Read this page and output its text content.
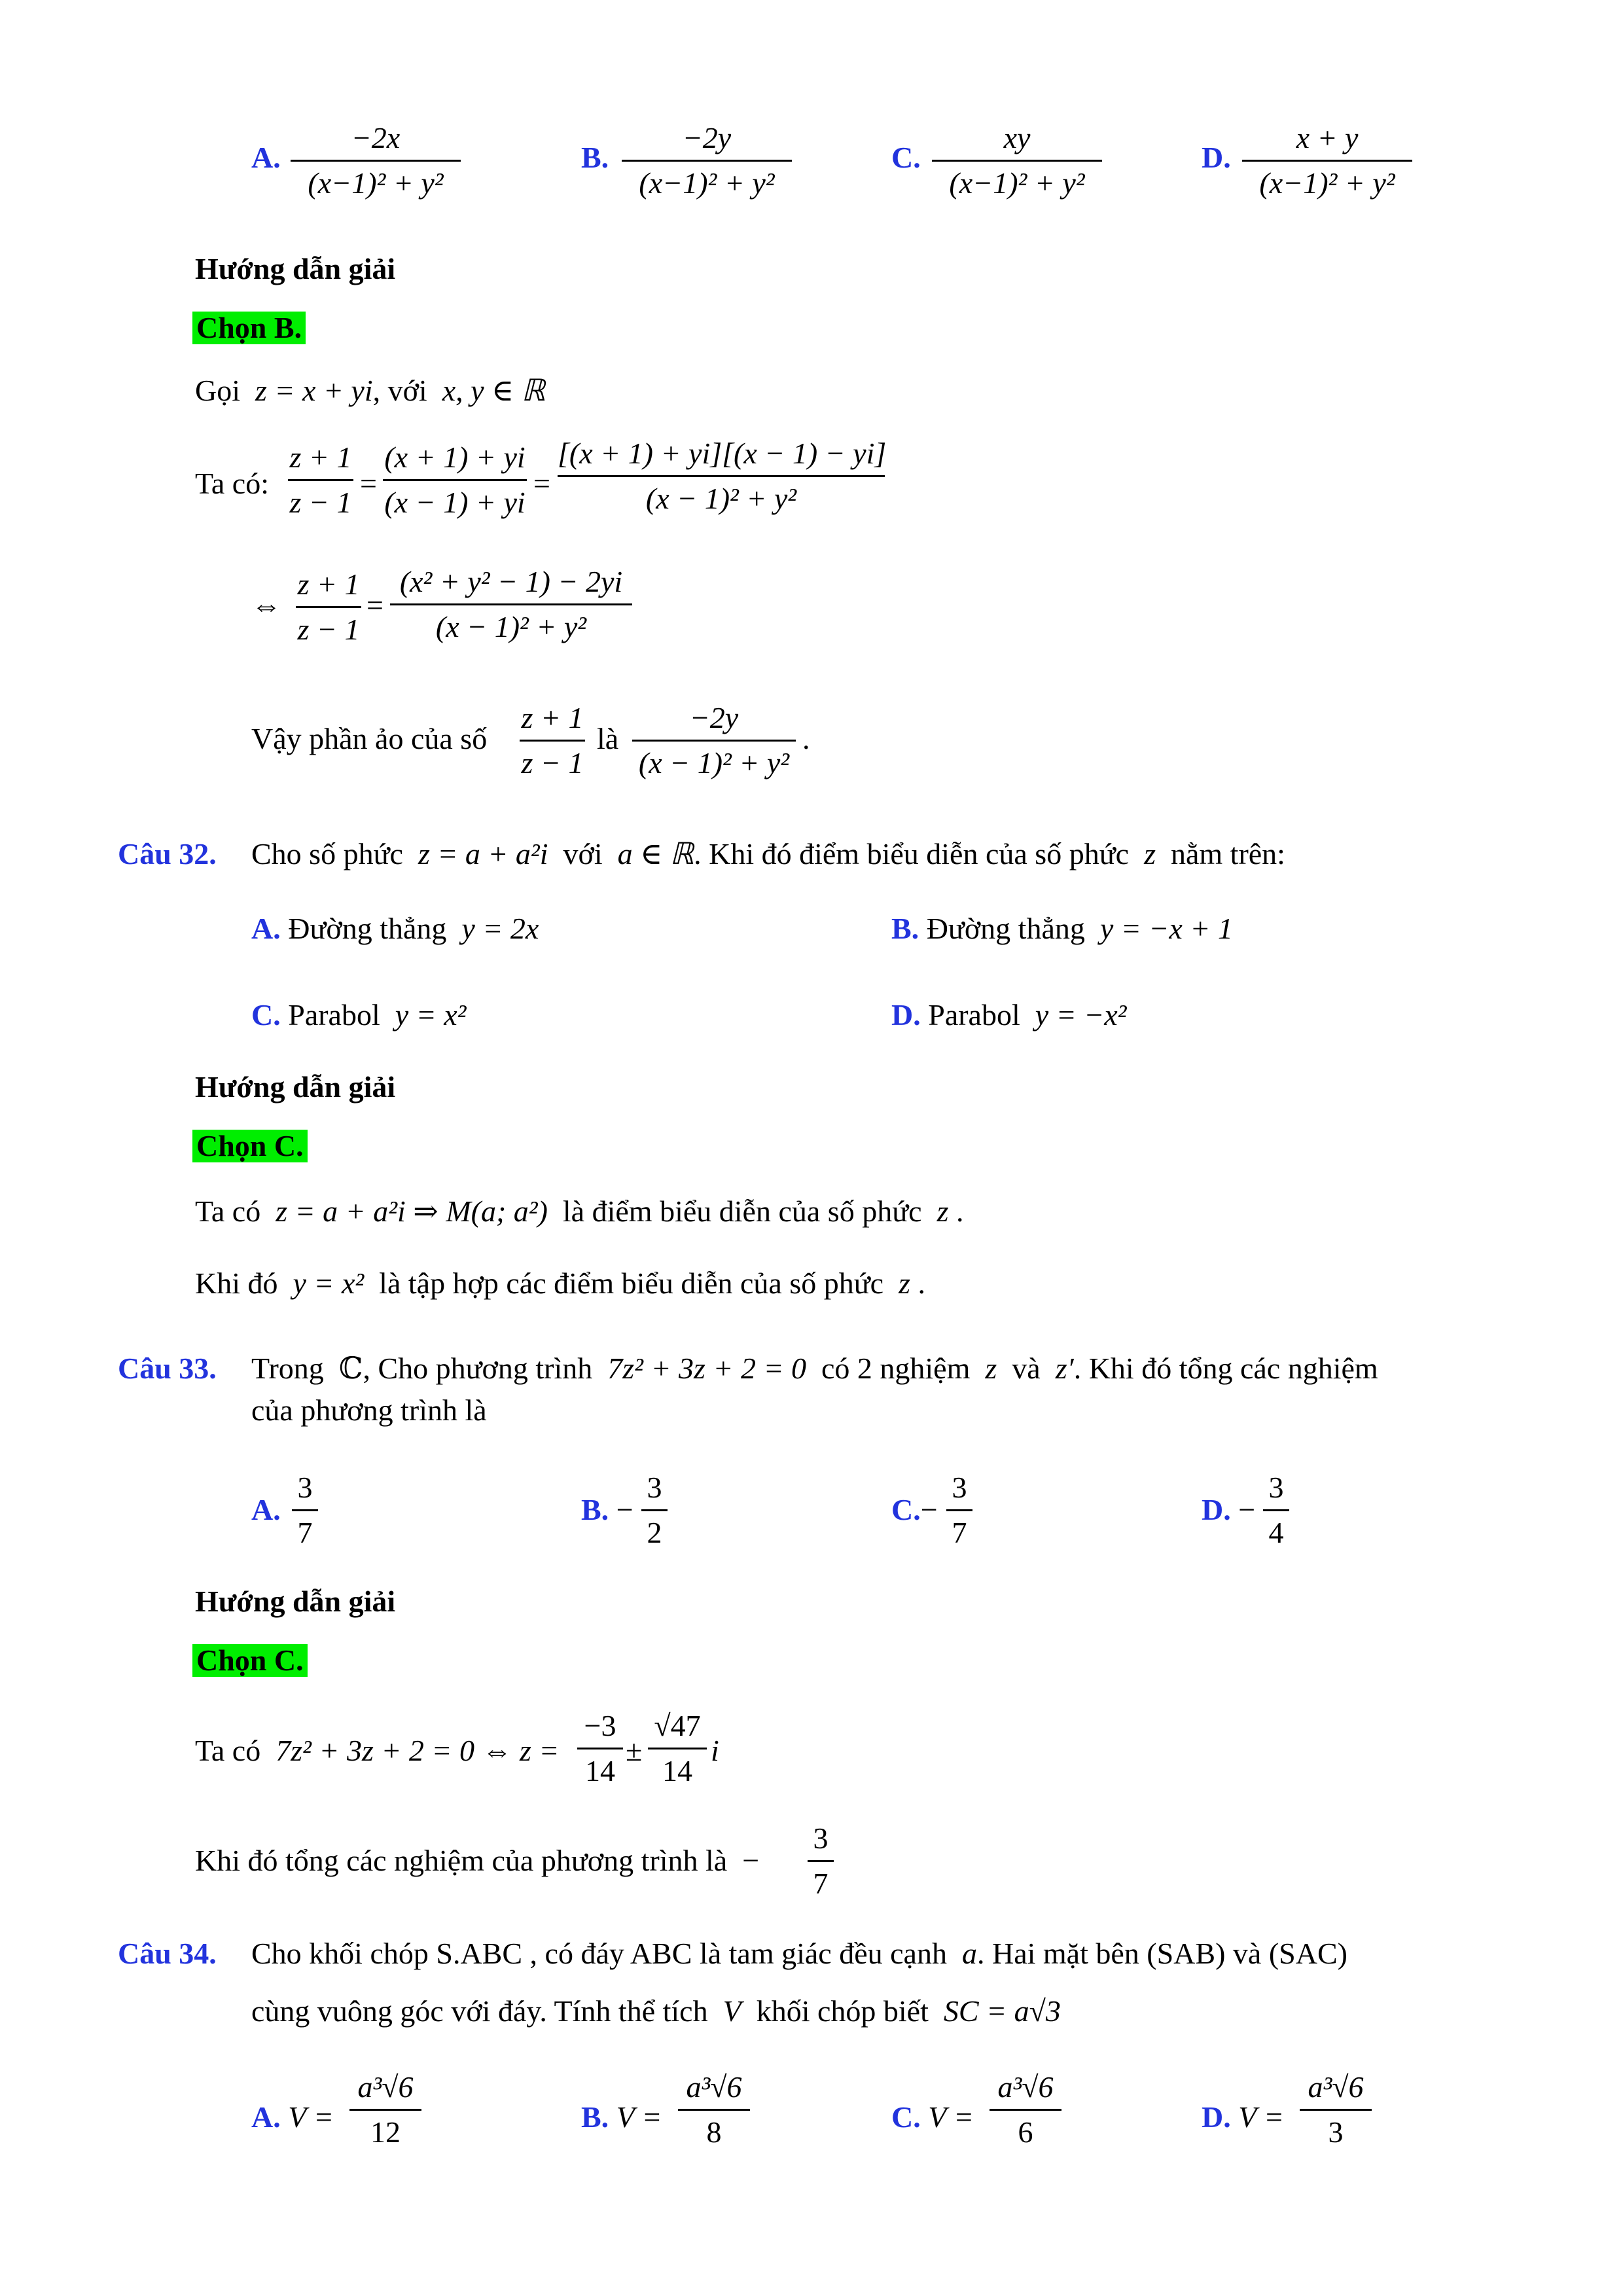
A.
−2x
(x−1)² + y²
B.
−2y
(x−1)² + y²
C.
xy
(x−1)² + y²
D.
x + y
(x−1)² + y²
Hướng dẫn giải
Chọn B.
Gọi z = x + yi, với x, y ∈ ℝ
Ta có:
z + 1
z − 1
=
(x + 1) + yi
(x − 1) + yi
=
[(x + 1) + yi][(x − 1) − yi]
(x − 1)² + y²
⇔
z + 1
z − 1
=
(x² + y² − 1) − 2yi
(x − 1)² + y²
Vậy phần ảo của số
z + 1
z − 1
là
−2y
(x − 1)² + y²
.
Câu 32. Cho số phức z = a + a²i với a ∈ ℝ. Khi đó điểm biểu diễn của số phức z nằm trên:
A. Đường thẳng y = 2x	B. Đường thẳng y = −x + 1
C. Parabol y = x²	D. Parabol y = −x²
Hướng dẫn giải
Chọn C.
Ta có z = a + a²i ⇒ M(a; a²) là điểm biểu diễn của số phức z .
Khi đó y = x² là tập hợp các điểm biểu diễn của số phức z .
Câu 33. Trong ℂ, Cho phương trình 7z² + 3z + 2 = 0 có 2 nghiệm z và z′. Khi đó tổng các nghiệm
của phương trình là
A.
3
7
B. −
3
2
C.−
3
7
D. −
3
4
Hướng dẫn giải
Chọn C.
Ta có 7z² + 3z + 2 = 0 ⇔ z =
−3
14
±
√47
14
i
Khi đó tổng các nghiệm của phương trình là −
3
7
Câu 34. Cho khối chóp S.ABC , có đáy ABC là tam giác đều cạnh a. Hai mặt bên (SAB) và (SAC)
cùng vuông góc với đáy. Tính thể tích V khối chóp biết SC = a√3
A. V =
a³√6
12	B. V =
a³√6
8	C. V =
a³√6
6	D. V =
a³√6
3
